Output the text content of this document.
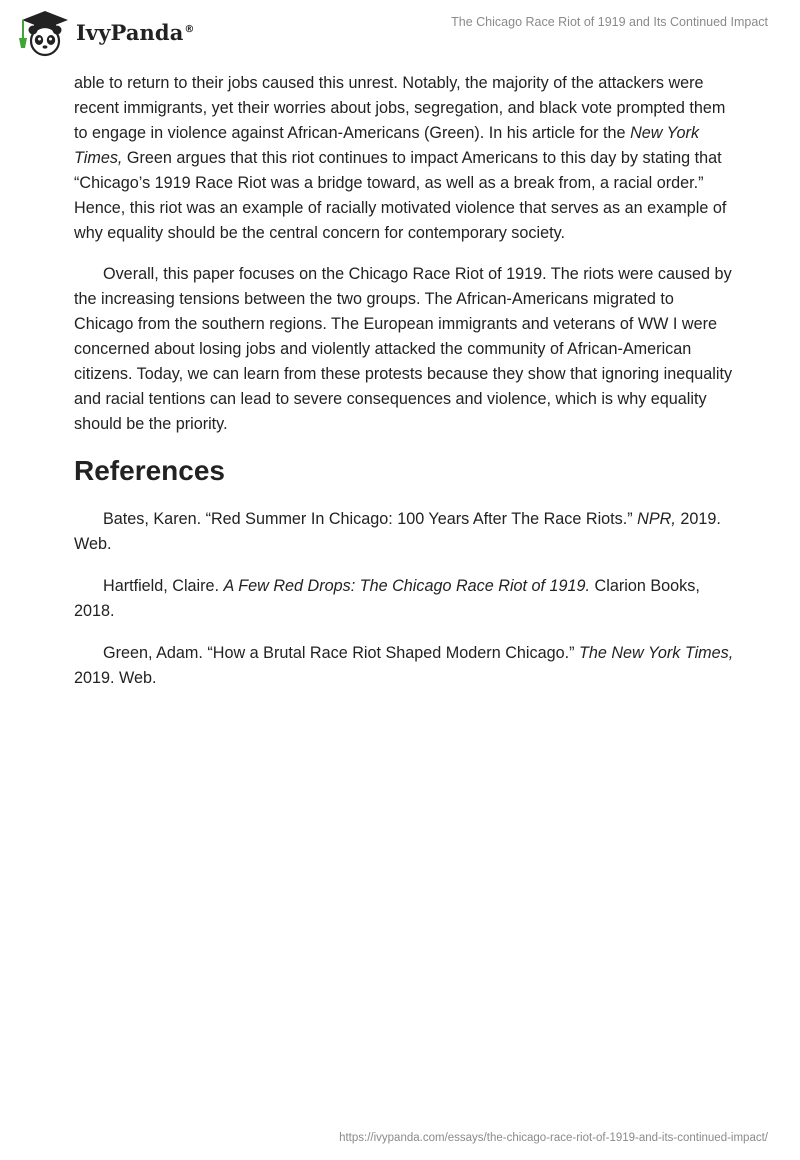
IvyPanda®	The Chicago Race Riot of 1919 and Its Continued Impact

able to return to their jobs caused this unrest. Notably, the majority of the attackers were recent immigrants, yet their worries about jobs, segregation, and black vote prompted them to engage in violence against African-Americans (Green). In his article for the New York Times, Green argues that this riot continues to impact Americans to this day by stating that “Chicago’s 1919 Race Riot was a bridge toward, as well as a break from, a racial order.” Hence, this riot was an example of racially motivated violence that serves as an example of why equality should be the central concern for contemporary society.

Overall, this paper focuses on the Chicago Race Riot of 1919. The riots were caused by the increasing tensions between the two groups. The African-Americans migrated to Chicago from the southern regions. The European immigrants and veterans of WW I were concerned about losing jobs and violently attacked the community of African-American citizens. Today, we can learn from these protests because they show that ignoring inequality and racial tentions can lead to severe consequences and violence, which is why equality should be the priority.

References

Bates, Karen. “Red Summer In Chicago: 100 Years After The Race Riots.” NPR, 2019. Web.

Hartfield, Claire. A Few Red Drops: The Chicago Race Riot of 1919. Clarion Books, 2018.

Green, Adam. “How a Brutal Race Riot Shaped Modern Chicago.” The New York Times, 2019. Web.

https://ivypanda.com/essays/the-chicago-race-riot-of-1919-and-its-continued-impact/
